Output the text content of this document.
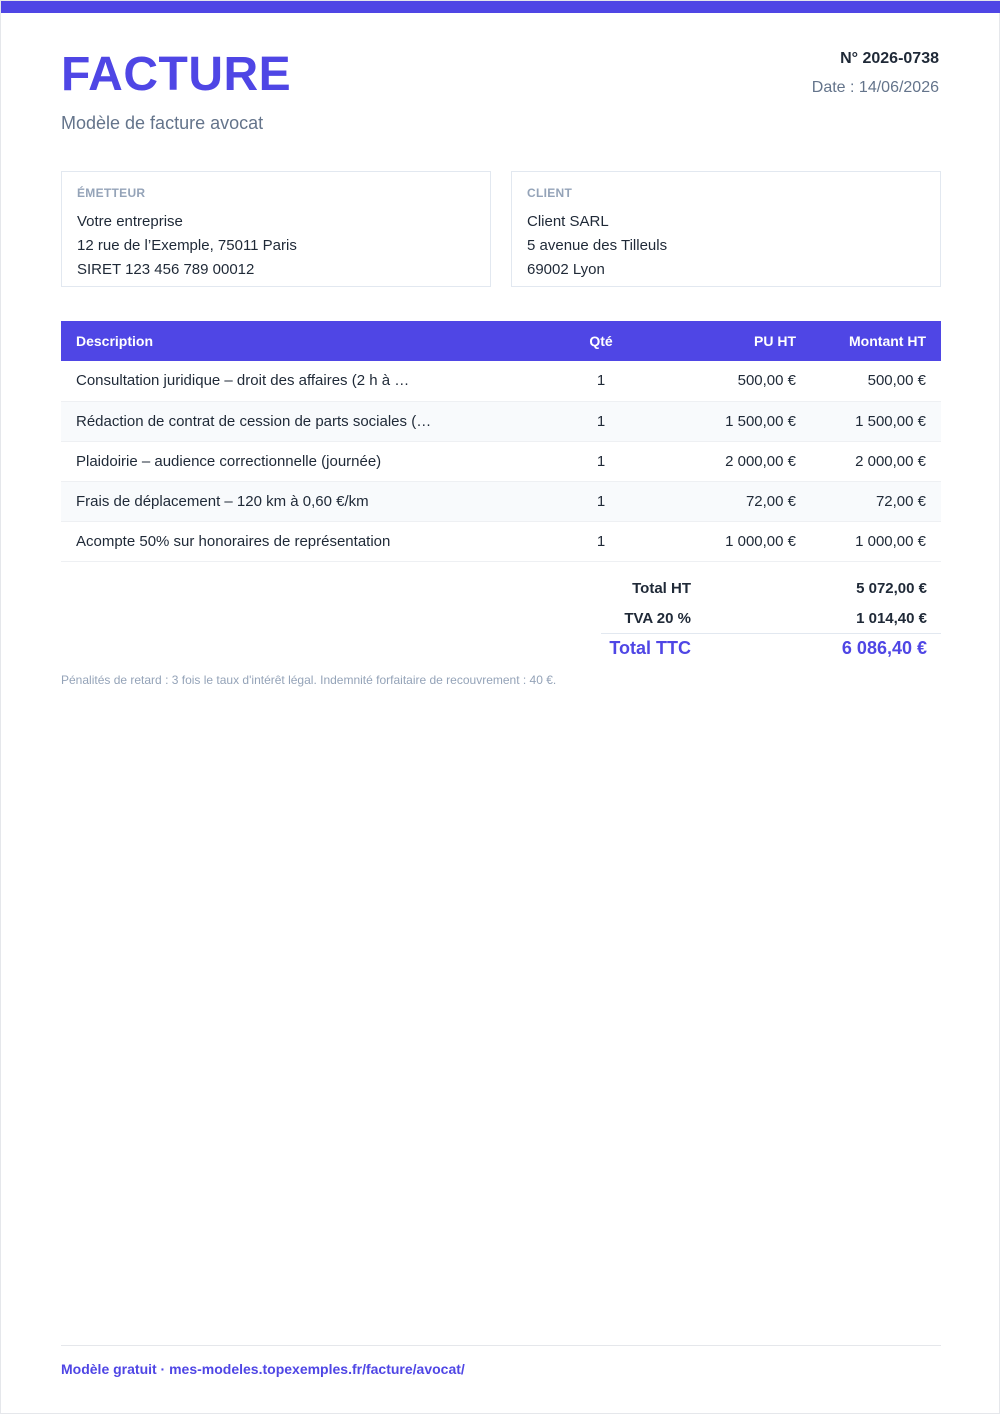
FACTURE
Modèle de facture avocat
N° 2026-0738
Date : 14/06/2026
ÉMETTEUR
Votre entreprise
12 rue de l’Exemple, 75011 Paris
SIRET 123 456 789 00012
CLIENT
Client SARL
5 avenue des Tilleuls
69002 Lyon
Description	Qté	PU HT	Montant HT

Consultation juridique – droit des affaires (2 h à …	1	500,00 €	500,00 €

Rédaction de contrat de cession de parts sociales (…	1	1 500,00 €	1 500,00 €

Plaidoirie – audience correctionnelle (journée)	1	2 000,00 €	2 000,00 €

Frais de déplacement – 120 km à 0,60 €/km	1	72,00 €	72,00 €

Acompte 50% sur honoraires de représentation	1	1 000,00 €	1 000,00 €
Total HT	5 072,00 €
TVA 20 %	1 014,40 €
Total TTC	6 086,40 €
Pénalités de retard : 3 fois le taux d'intérêt légal. Indemnité forfaitaire de recouvrement : 40 €.
Modèle gratuit · mes-modeles.topexemples.fr/facture/avocat/
